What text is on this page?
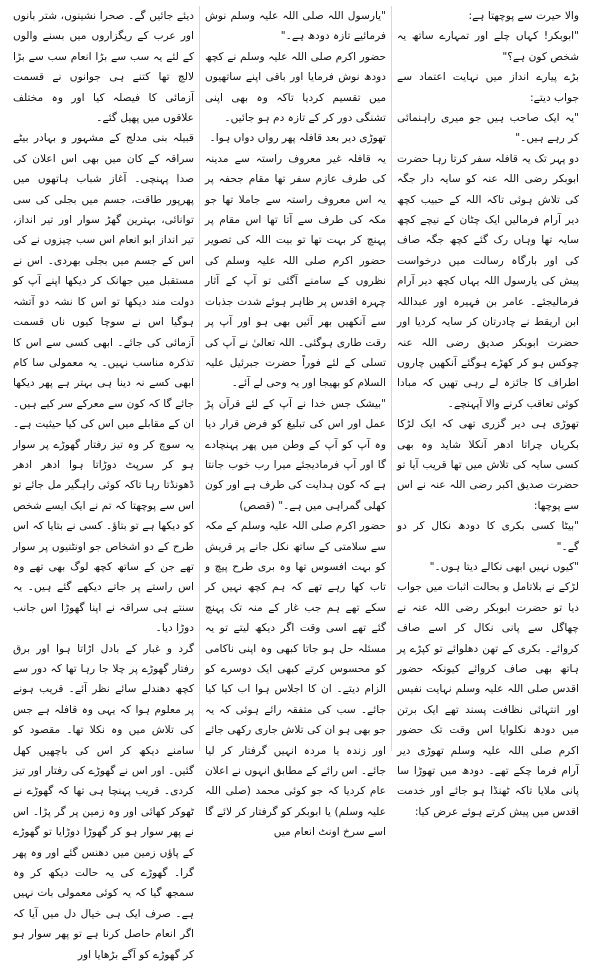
والا حیرت سے پوچھتا ہے:

"ابوبکر! کہاں چلے اور تمہارے ساتھ یہ شخص کون ہے؟"

بڑے پیارے انداز میں نہایت اعتماد سے جواب دیتے:

"یہ ایک صاحب ہیں جو میری راہنمائی کر رہے ہیں۔"

دو پہر تک یہ قافلہ سفر کرتا رہا حضرت ابوبکر رضی اللہ عنہ کو سایہ دار جگہ کی تلاش ہوئی تاکہ اللہ کے حبیب کچھ دیر آرام فرمالیں ایک چٹان کے نیچے کچھ سایہ تھا وہاں رک گئے کچھ جگہ صاف کی اور بارگاہ رسالت میں درخواست پیش کی یارسول اللہ یہاں کچھ دیر آرام فرمالیجئے۔ عامر بن فہیرہ اور عبداللہ ابن اریقط نے چادرتان کر سایہ کردیا اور حضرت ابوبکر صدیق رضی اللہ عنہ چوکس ہو کر کھڑے ہوگئے آنکھیں چاروں اطراف کا جائزہ لے رہی تھیں کہ مبادا کوئی تعاقب کرنے والا آپہنچے۔

تھوڑی ہی دیر گزری تھی کہ ایک لڑکا بکریاں چراتا ادھر آنکلا شاید وہ بھی کسی سایہ کی تلاش میں تھا قریب آیا تو حضرت صدیق اکبر رضی اللہ عنہ نے اس سے پوچھا:

"بیٹا کسی بکری کا دودھ نکال کر دو گے۔"

"کیوں نہیں ابھی نکالے دیتا ہوں۔"

لڑکے نے بلاتامل و بحالت اثبات میں جواب دیا تو حضرت ابوبکر رضی اللہ عنہ نے چھاگل سے پانی نکال کر اسے صاف کروائے۔ بکری کے تھن دھلوائے تو کپڑے پر ہاتھ بھی صاف کروائے کیونکہ حضور اقدس صلی اللہ علیہ وسلم نہایت نفیس اور انتہائی نظافت پسند تھے ایک برتن میں دودھ نکلوایا اس وقت تک حضور اکرم صلی اللہ علیہ وسلم تھوڑی دیر آرام فرما چکے تھے۔ دودھ میں تھوڑا سا پانی ملایا تاکہ ٹھنڈا ہو جائے اور خدمت اقدس میں پیش کرتے ہوئے عرض کیا:

"یارسول اللہ صلی اللہ علیہ وسلم نوش فرمائیے تازہ دودھ ہے۔"

حضور اکرم صلی اللہ علیہ وسلم نے کچھ دودھ نوش فرمایا اور باقی اپنے ساتھیوں میں تقسیم کردیا تاکہ وہ بھی اپنی تشنگی دور کر کے تازہ دم ہو جائیں۔

تھوڑی دیر بعد قافلہ پھر رواں دواں ہوا۔

یہ قافلہ غیر معروف راستہ سے مدینہ کی طرف عازم سفر تھا مقام جحفہ پر یہ اس معروف راستہ سے جاملا تھا جو مکہ کی طرف سے آتا تھا اس مقام پر پہنچ کر بہت تھا تو بیت اللہ کی تصویر حضور اکرم صلی اللہ علیہ وسلم کی نظروں کے سامنے آگئی تو آپ کے آثار چہرہ اقدس پر ظاہر ہوئے شدت جذبات سے آنکھیں بھر آئیں بھی ہو اور آپ پر رقت طاری ہوگئی۔ اللہ تعالیٰ نے آپ کی تسلی کے لئے فوراً حضرت جبرئیل علیہ السلام کو بھیجا اور یہ وحی لے آئے۔

"بیشک جس خدا نے آپ کے لئے قرآن پڑ عمل اور اس کی تبلیغ کو فرض قرار دیا وہ آپ کو آپ کے وطن میں پھر پہنچادے گا اور آپ فرمادیجئے میرا رب خوب جانتا ہے کہ کون ہدایت کی طرف ہے اور کون کھلی گمراہی میں ہے۔" (قصص)

حضور اکرم صلی اللہ علیہ وسلم کے مکہ سے سلامتی کے ساتھ نکل جانے پر قریش کو بہت افسوس تھا وہ بری طرح پیچ و تاب کھا رہے تھے کہ ہم کچھ نہیں کر سکے تھے ہم جب غار کے منہ تک پہنچ گئے تھے اسی وقت اگر دیکھ لیتے تو یہ مسئلہ حل ہو جاتا کبھی وہ اپنی ناکامی کو محسوس کرتے کبھی ایک دوسرے کو الزام دیتے۔ ان کا اجلاس ہوا اب کیا کیا جائے۔ سب کی متفقہ رائے ہوئی کہ یہ جو بھی ہو ان کی تلاش جاری رکھی جائے اور زندہ یا مردہ انہیں گرفتار کر لیا جائے۔ اس رائے کے مطابق انہوں نے اعلان عام کردیا کہ جو کوئی محمد (صلی اللہ علیہ وسلم) یا ابوبکر کو گرفتار کر لائے گا اسے سرخ اونٹ انعام میں

دیئے جائیں گے۔ صحرا نشینوں، شتر بانوں اور عرب کے ریگزاروں میں بسنے والوں کے لئے یہ سب سے بڑا انعام سب سے بڑا لالچ تھا کتنے ہی جوانوں نے قسمت آزمائی کا فیصلہ کیا اور وہ مختلف علاقوں میں پھیل گئے۔

قبیلہ بنی مدلج کے مشہور و بہادر بیٹے سراقہ کے کان میں بھی اس اعلان کی صدا پہنچی۔ آغاز شباب ہاتھوں میں پھرپور طاقت، جسم میں بجلی کی سی توانائی، بہترین گھڑ سوار اور تیر انداز، تیر انداز ابو انعام اس سب چیزوں نے کی اس کے جسم میں بجلی بھردی۔ اس نے مستقبل میں جھانک کر دیکھا اپنے آپ کو دولت مند دیکھا تو اس کا نشہ دو آتشہ ہوگیا اس نے سوچا کیوں ناں قسمت آزمائی کی جائے۔ ابھی کسی سے اس کا تذکرہ مناسب نہیں۔ یہ معمولی سا کام ابھی کسے نہ دینا ہی بہتر ہے پھر دیکھا جائے گا کہ کون سے معرکے سر کیے ہیں۔ ان کے مقابلے میں اس کی کیا حیثیت ہے۔ یہ سوچ کر وہ تیز رفتار گھوڑے پر سوار ہو کر سرپٹ دوڑاتا ہوا ادھر ادھر ڈھونڈتا رہا تاکہ کوئی راہگیر مل جائے تو اس سے پوچھتا کہ تم نے ایک ایسے شخص کو دیکھا ہے تو بتاؤ۔ کسی نے بتایا کہ اس طرح کے دو اشخاص جو اونٹنیوں پر سوار تھے جن کے ساتھ کچھ لوگ بھی تھے وہ اس راستے پر جاتے دیکھے گئے ہیں۔ یہ سنتے ہی سراقہ نے اپنا گھوڑا اس جانب دوڑا دیا۔

گرد و غبار کے بادل اڑاتا ہوا اور برق رفتار گھوڑے پر چلا جا رہا تھا کہ دور سے کچھ دھندلے سائے نظر آئے۔ قریب ہونے پر معلوم ہوا کہ یہی وہ قافلہ ہے جس کی تلاش میں وہ نکلا تھا۔ مقصود کو سامنے دیکھ کر اس کی باچھیں کھل گئیں۔ اور اس نے گھوڑے کی رفتار اور تیز کردی۔ قریب پہنچا ہی تھا کہ گھوڑے نے ٹھوکر کھائی اور وہ زمین پر گر پڑا۔ اس نے پھر سوار ہو کر گھوڑا دوڑایا تو گھوڑے کے پاؤں زمین میں دھنس گئے اور وہ پھر گرا۔ گھوڑے کی یہ حالت دیکھ کر وہ سمجھ گیا کہ یہ کوئی معمولی بات نہیں ہے۔ صرف ایک ہی خیال دل میں آیا کہ اگر انعام حاصل کرنا ہے تو پھر سوار ہو کر گھوڑے کو آگے بڑھایا اور
